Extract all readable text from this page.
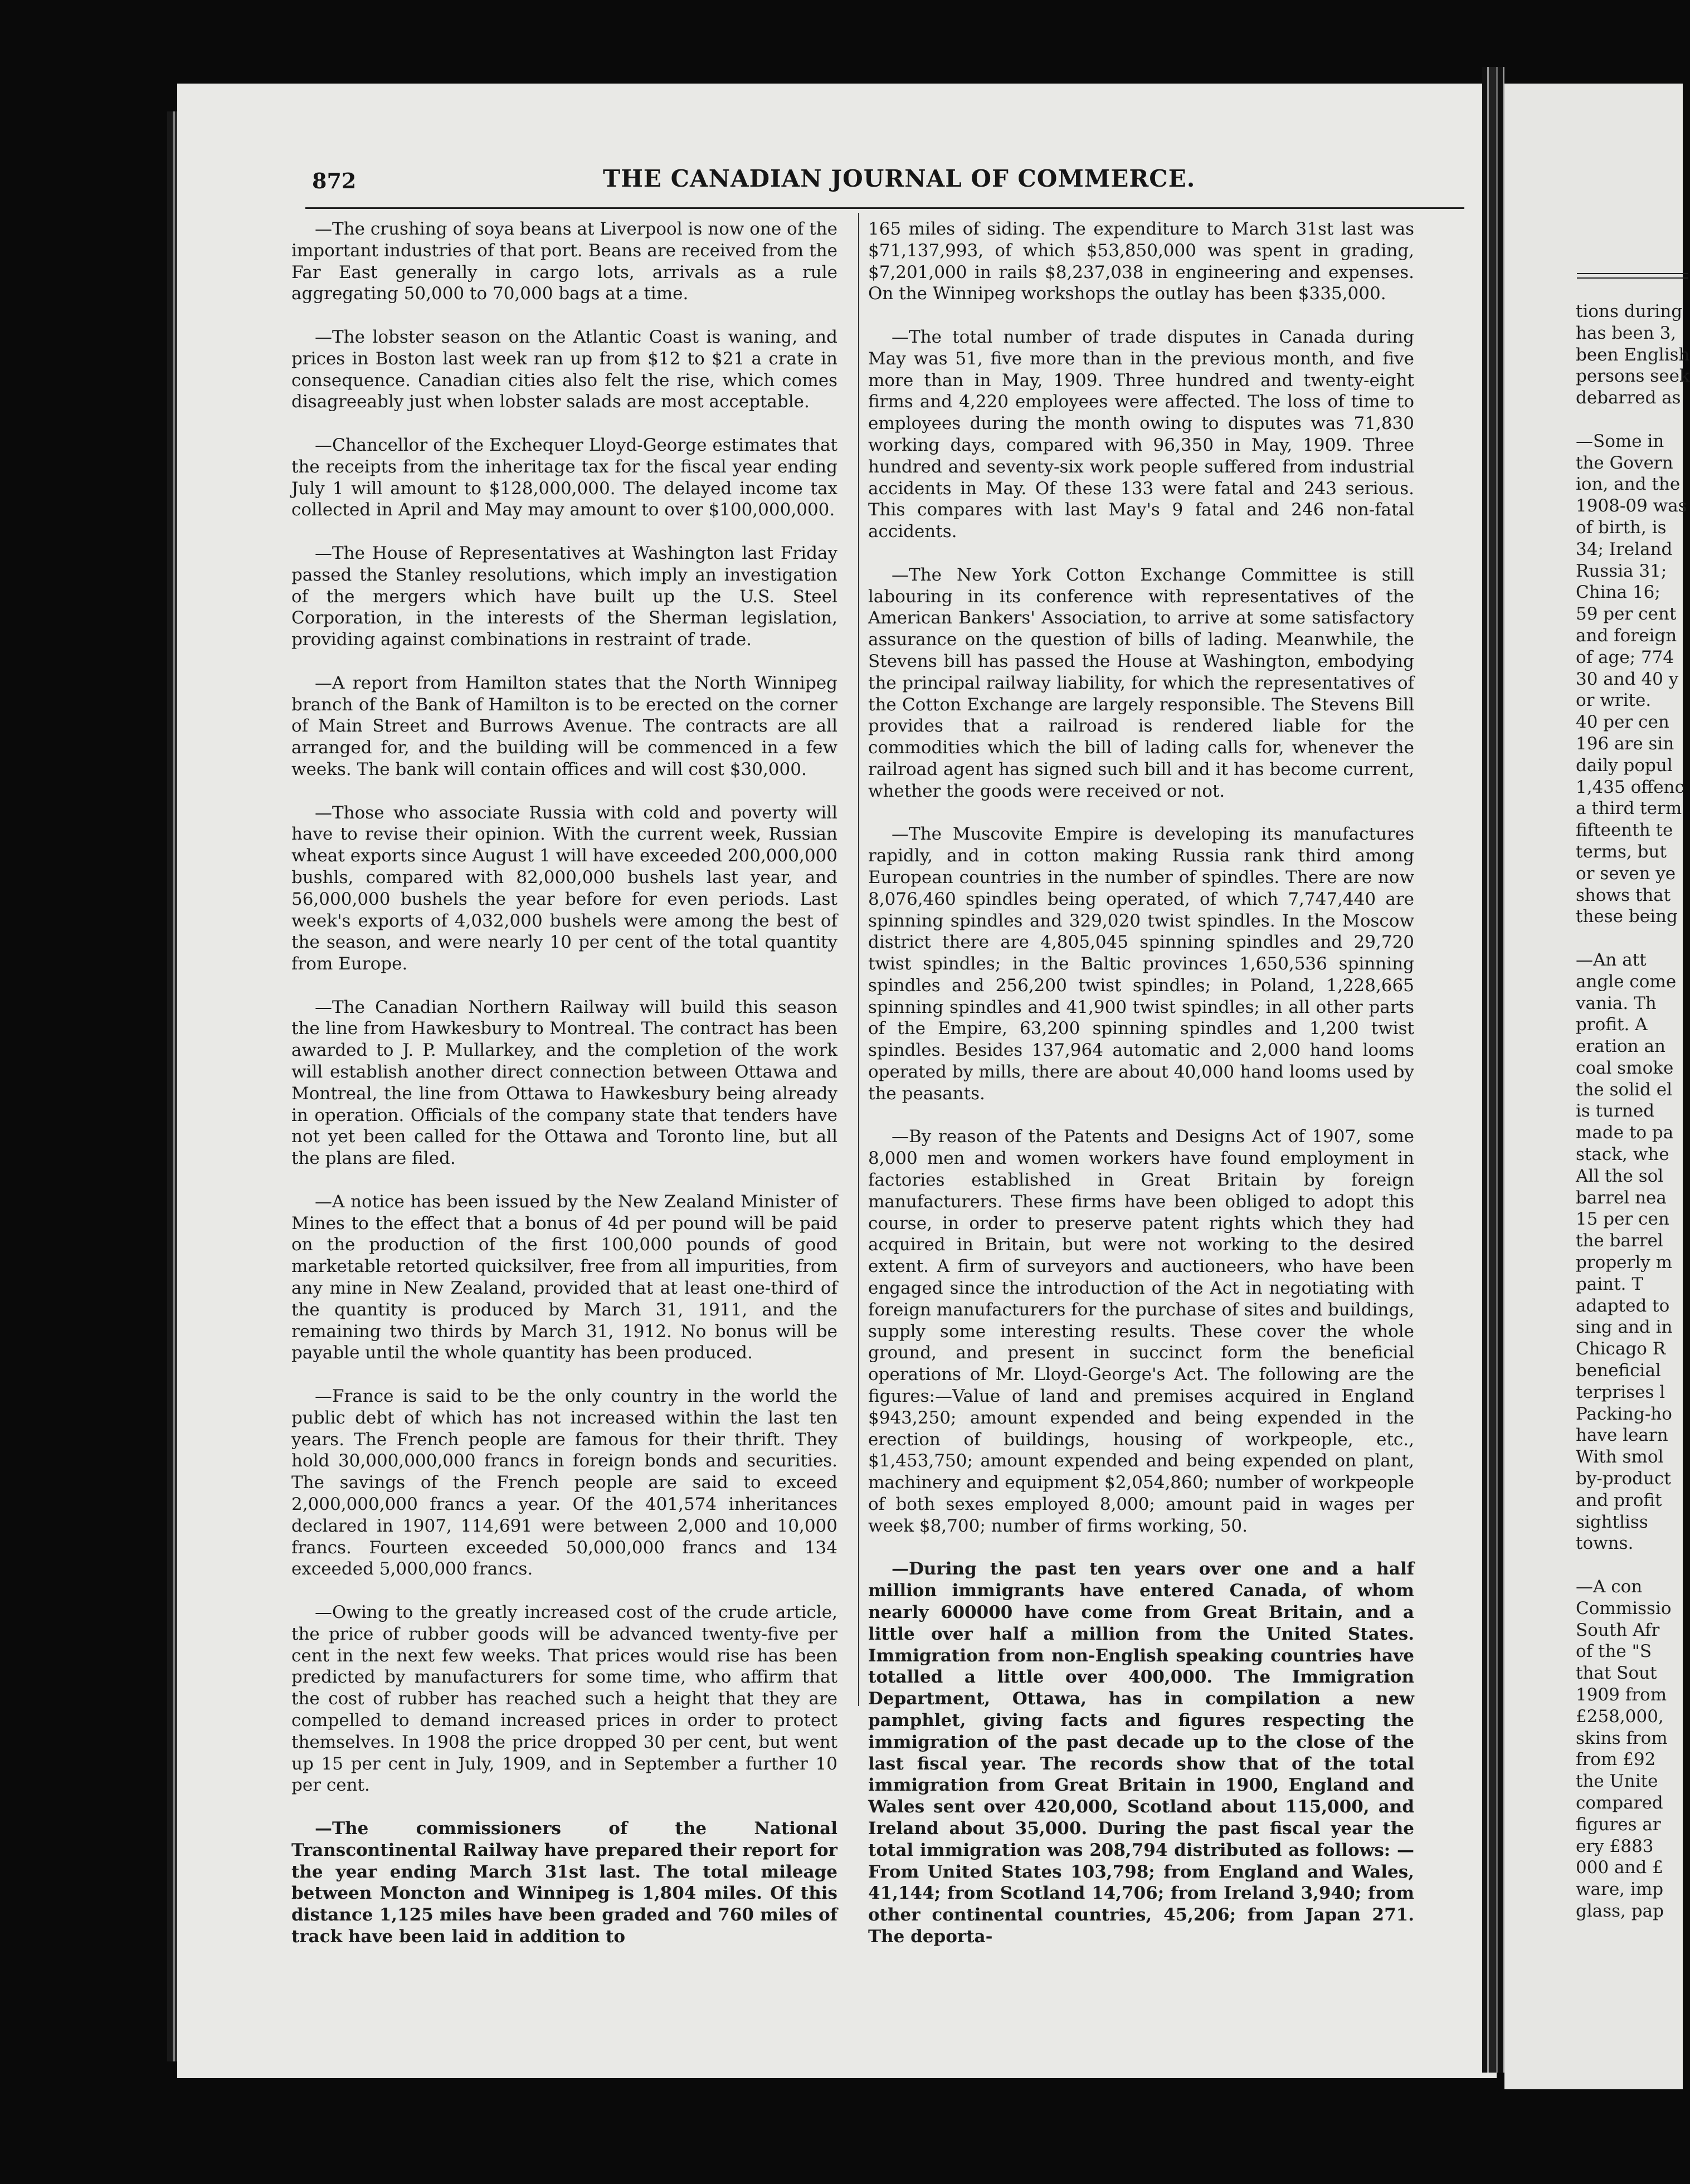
872	THE CANADIAN JOURNAL OF COMMERCE.

—The crushing of soya beans at Liverpool is now one of the important industries of that port. Beans are received from the Far East generally in cargo lots, arrivals as a rule aggregating 50,000 to 70,000 bags at a time.

—The lobster season on the Atlantic Coast is waning, and prices in Boston last week ran up from $12 to $21 a crate in consequence. Canadian cities also felt the rise, which comes disagreeably just when lobster salads are most acceptable.

—Chancellor of the Exchequer Lloyd-George estimates that the receipts from the inheritage tax for the fiscal year ending July 1 will amount to $128,000,000. The delayed income tax collected in April and May may amount to over $100,000,000.

—The House of Representatives at Washington last Friday passed the Stanley resolutions, which imply an investigation of the mergers which have built up the U.S. Steel Corporation, in the interests of the Sherman legislation, providing against combinations in restraint of trade.

—A report from Hamilton states that the North Winnipeg branch of the Bank of Hamilton is to be erected on the corner of Main Street and Burrows Avenue. The contracts are all arranged for, and the building will be commenced in a few weeks. The bank will contain offices and will cost $30,000.

—Those who associate Russia with cold and poverty will have to revise their opinion. With the current week, Russian wheat exports since August 1 will have exceeded 200,000,000 bushls, compared with 82,000,000 bushels last year, and 56,000,000 bushels the year before for even periods. Last week's exports of 4,032,000 bushels were among the best of the season, and were nearly 10 per cent of the total quantity from Europe.

—The Canadian Northern Railway will build this season the line from Hawkesbury to Montreal. The contract has been awarded to J. P. Mullarkey, and the completion of the work will establish another direct connection between Ottawa and Montreal, the line from Ottawa to Hawkesbury being already in operation. Officials of the company state that tenders have not yet been called for the Ottawa and Toronto line, but all the plans are filed.

—A notice has been issued by the New Zealand Minister of Mines to the effect that a bonus of 4d per pound will be paid on the production of the first 100,000 pounds of good marketable retorted quicksilver, free from all impurities, from any mine in New Zealand, provided that at least one-third of the quantity is produced by March 31, 1911, and the remaining two thirds by March 31, 1912. No bonus will be payable until the whole quantity has been produced.

—France is said to be the only country in the world the public debt of which has not increased within the last ten years. The French people are famous for their thrift. They hold 30,000,000,000 francs in foreign bonds and securities. The savings of the French people are said to exceed 2,000,000,000 francs a year. Of the 401,574 inheritances declared in 1907, 114,691 were between 2,000 and 10,000 francs. Fourteen exceeded 50,000,000 francs and 134 exceeded 5,000,000 francs.

—Owing to the greatly increased cost of the crude article, the price of rubber goods will be advanced twenty-five per cent in the next few weeks. That prices would rise has been predicted by manufacturers for some time, who affirm that the cost of rubber has reached such a height that they are compelled to demand increased prices in order to protect themselves. In 1908 the price dropped 30 per cent, but went up 15 per cent in July, 1909, and in September a further 10 per cent.

—The commissioners of the National Transcontinental Railway have prepared their report for the year ending March 31st last. The total mileage between Moncton and Winnipeg is 1,804 miles. Of this distance 1,125 miles have been graded and 760 miles of track have been laid in addition to

165 miles of siding. The expenditure to March 31st last was $71,137,993, of which $53,850,000 was spent in grading, $7,201,000 in rails $8,237,038 in engineering and expenses. On the Winnipeg workshops the outlay has been $335,000.

—The total number of trade disputes in Canada during May was 51, five more than in the previous month, and five more than in May, 1909. Three hundred and twenty-eight firms and 4,220 employees were affected. The loss of time to employees during the month owing to disputes was 71,830 working days, compared with 96,350 in May, 1909. Three hundred and seventy-six work people suffered from industrial accidents in May. Of these 133 were fatal and 243 serious. This compares with last May's 9 fatal and 246 non-fatal accidents.

—The New York Cotton Exchange Committee is still labouring in its conference with representatives of the American Bankers' Association, to arrive at some satisfactory assurance on the question of bills of lading. Meanwhile, the Stevens bill has passed the House at Washington, embodying the principal railway liability, for which the representatives of the Cotton Exchange are largely responsible. The Stevens Bill provides that a railroad is rendered liable for the commodities which the bill of lading calls for, whenever the railroad agent has signed such bill and it has become current, whether the goods were received or not.

—The Muscovite Empire is developing its manufactures rapidly, and in cotton making Russia rank third among European countries in the number of spindles. There are now 8,076,460 spindles being operated, of which 7,747,440 are spinning spindles and 329,020 twist spindles. In the Moscow district there are 4,805,045 spinning spindles and 29,720 twist spindles; in the Baltic provinces 1,650,536 spinning spindles and 256,200 twist spindles; in Poland, 1,228,665 spinning spindles and 41,900 twist spindles; in all other parts of the Empire, 63,200 spinning spindles and 1,200 twist spindles. Besides 137,964 automatic and 2,000 hand looms operated by mills, there are about 40,000 hand looms used by the peasants.

—By reason of the Patents and Designs Act of 1907, some 8,000 men and women workers have found employment in factories established in Great Britain by foreign manufacturers. These firms have been obliged to adopt this course, in order to preserve patent rights which they had acquired in Britain, but were not working to the desired extent. A firm of surveyors and auctioneers, who have been engaged since the introduction of the Act in negotiating with foreign manufacturers for the purchase of sites and buildings, supply some interesting results. These cover the whole ground, and present in succinct form the beneficial operations of Mr. Lloyd-George's Act. The following are the figures:—Value of land and premises acquired in England $943,250; amount expended and being expended in the erection of buildings, housing of workpeople, etc., $1,453,750; amount expended and being expended on plant, machinery and equipment $2,054,860; number of workpeople of both sexes employed 8,000; amount paid in wages per week $8,700; number of firms working, 50.

—During the past ten years over one and a half million immigrants have entered Canada, of whom nearly 600000 have come from Great Britain, and a little over half a million from the United States. Immigration from non-English speaking countries have totalled a little over 400,000. The Immigration Department, Ottawa, has in compilation a new pamphlet, giving facts and figures respecting the immigration of the past decade up to the close of the last fiscal year. The records show that of the total immigration from Great Britain in 1900, England and Wales sent over 420,000, Scotland about 115,000, and Ireland about 35,000. During the past fiscal year the total immigration was 208,794 distributed as follows: —From United States 103,798; from England and Wales, 41,144; from Scotland 14,706; from Ireland 3,940; from other continental countries, 45,206; from Japan 271. The deporta-

tions during
has been 3,
been English
persons seek
debarred as
—Some in
the Govern
ion, and the
1908-09 was
of birth, is
34; Ireland
Russia 31;
China 16;
59 per cent
and foreign
of age; 774
30 and 40 y
or write.
40 per cen
196 are sin
daily popul
1,435 offenc
a third term
fifteenth te
terms, but
or seven ye
shows that
these being
—An att
angle come
vania. Th
profit. A
eration an
coal smoke
the solid el
is turned
made to pa
stack, whe
All the sol
barrel nea
15 per cen
the barrel
properly m
paint. T
adapted to
sing and in
Chicago R
beneficial
terprises l
Packing-ho
have learn
With smol
by-product
and profit
sightliss
towns.
—A con
Commissio
South Afr
of the "S
that Sout
1909 from
£258,000,
skins from
from £92
the Unite
compared
figures ar
ery £883
000 and £
ware, imp
glass, pap
